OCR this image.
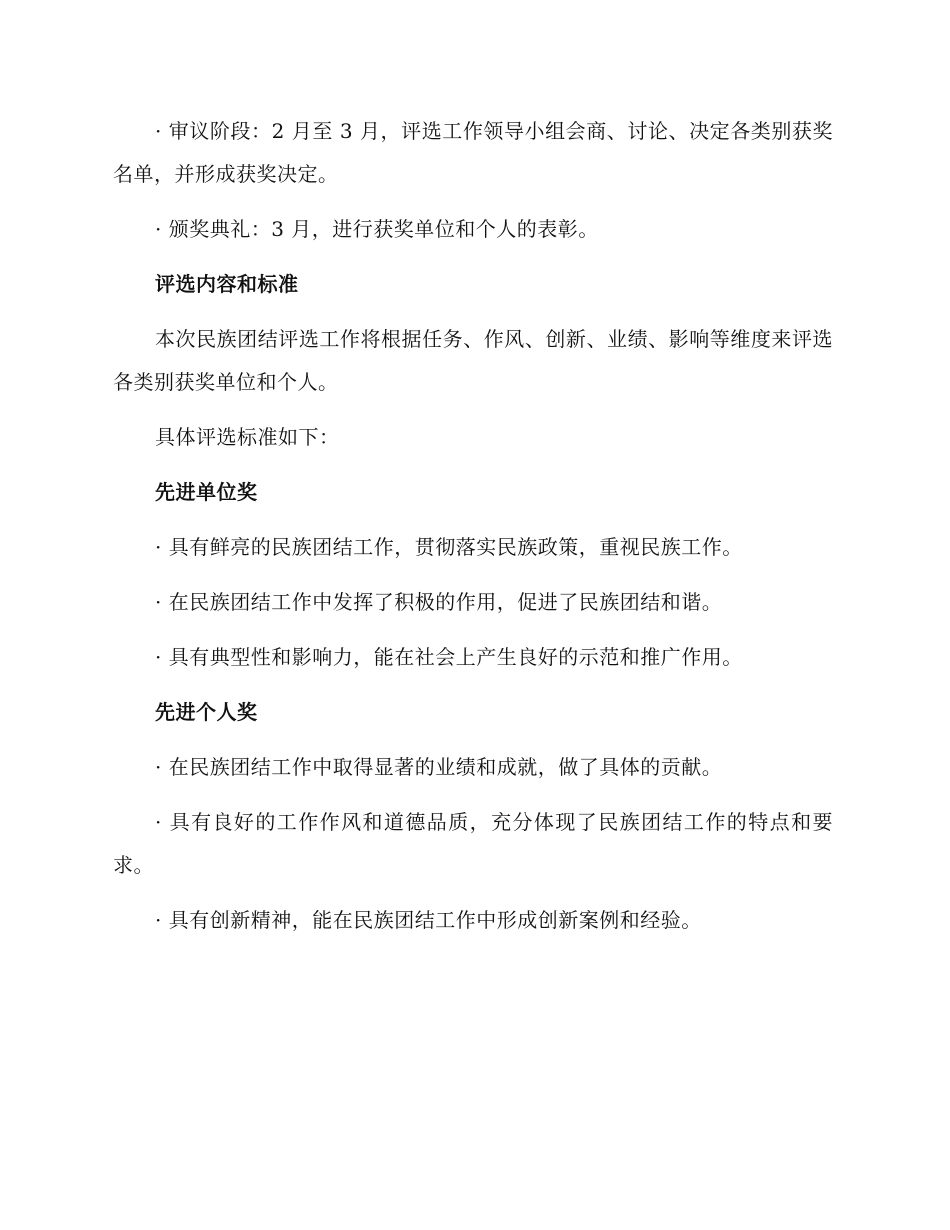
· 审议阶段：2 月至 3 月，评选工作领导小组会商、讨论、决定各类别获奖名单，并形成获奖决定。

· 颁奖典礼：3 月，进行获奖单位和个人的表彰。

评选内容和标准

本次民族团结评选工作将根据任务、作风、创新、业绩、影响等维度来评选各类别获奖单位和个人。

具体评选标准如下：

先进单位奖

· 具有鲜亮的民族团结工作，贯彻落实民族政策，重视民族工作。

· 在民族团结工作中发挥了积极的作用，促进了民族团结和谐。

· 具有典型性和影响力，能在社会上产生良好的示范和推广作用。

先进个人奖

· 在民族团结工作中取得显著的业绩和成就，做了具体的贡献。

· 具有良好的工作作风和道德品质，充分体现了民族团结工作的特点和要求。

· 具有创新精神，能在民族团结工作中形成创新案例和经验。
